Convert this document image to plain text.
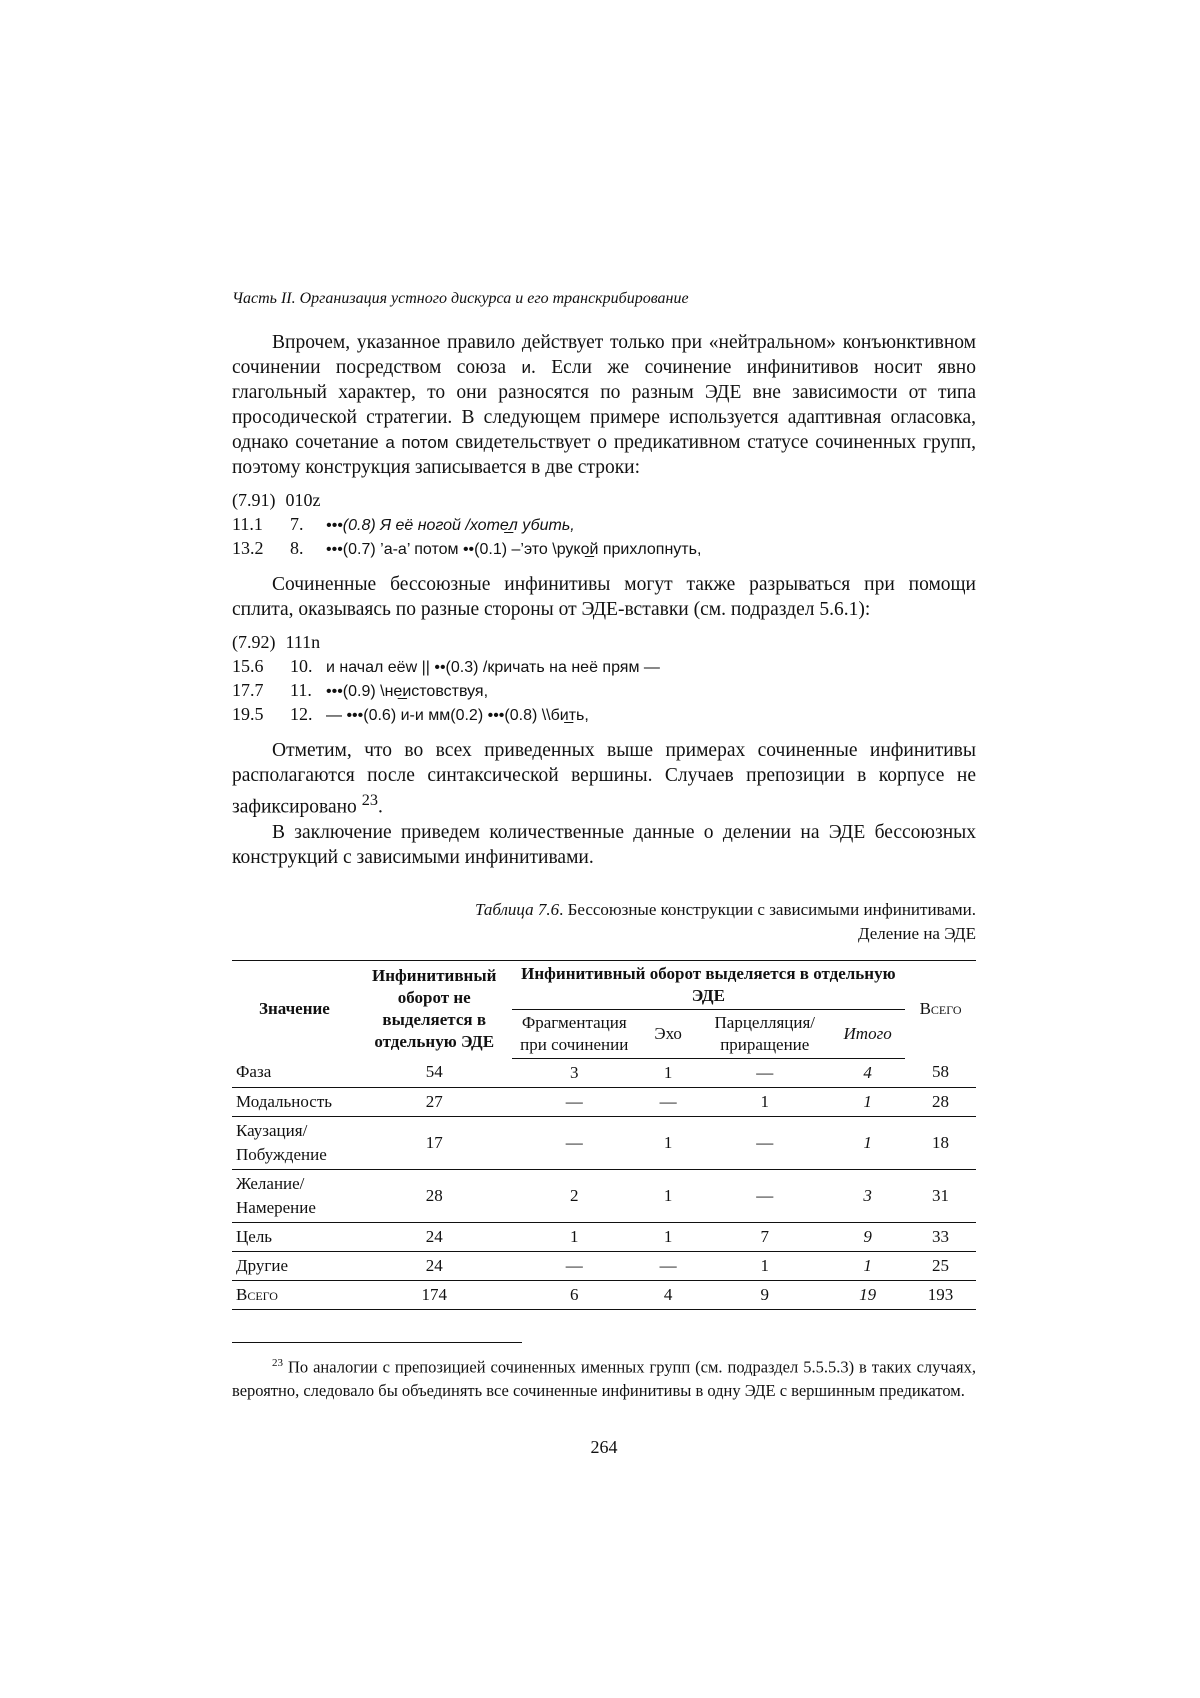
Часть II. Организация устного дискурса и его транскрибирование

Впрочем, указанное правило действует только при «нейтральном» конъюнктивном сочинении посредством союза и. Если же сочинение инфинитивов носит явно глагольный характер, то они разносятся по разным ЭДЕ вне зависимости от типа просодической стратегии. В следующем примере используется адаптивная огласовка, однако сочетание а потом свидетельствует о предикативном статусе сочиненных групп, поэтому конструкция записывается в две строки:

(7.91) 010z
11.1 7. •••(0.8) Я её ногой /хоте̲л убить,
13.2 8. •••(0.7) ’а-а’ потом ••(0.1) –’это \руко̲й прихлопнуть,

Сочиненные бессоюзные инфинитивы могут также разрываться при помощи сплита, оказываясь по разные стороны от ЭДЕ-вставки (см. подраздел 5.6.1):

(7.92) 111n
15.6 10. и начал еёw || ••(0.3) /кричать на неё прям —
17.7 11. •••(0.9) \не̲истовствуя,
19.5 12. — •••(0.6) и-и мм(0.2) •••(0.8) \\би̲ть,

Отметим, что во всех приведенных выше примерах сочиненные инфинитивы располагаются после синтаксической вершины. Случаев препозиции в корпусе не зафиксировано $^{23}$.

В заключение приведем количественные данные о делении на ЭДЕ бессоюзных конструкций с зависимыми инфинитивами.

Таблица 7.6. Бессоюзные конструкции с зависимыми инфинитивами.
Деление на ЭДЕ
Значение	Инфинитивный оборот не выделяется в отдельную ЭДЕ	Инфинитивный оборот выделяется в отдельную ЭДЕ				Всего
		Фрагментация при сочинении	Эхо	Парцелляция/ приращение	Итого	
Фаза	54	3	1	—	4	58
Модальность	27	—	—	1	1	28
Каузация/ Побуждение	17	—	1	—	1	18
Желание/ Намерение	28	2	1	—	3	31
Цель	24	1	1	7	9	33
Другие	24	—	—	1	1	25
Всего	174	6	4	9	19	193

$^{23}$ По аналогии с препозицией сочиненных именных групп (см. подраздел 5.5.5.3) в таких случаях, вероятно, следовало бы объединять все сочиненные инфинитивы в одну ЭДЕ с вершинным предикатом.

264
